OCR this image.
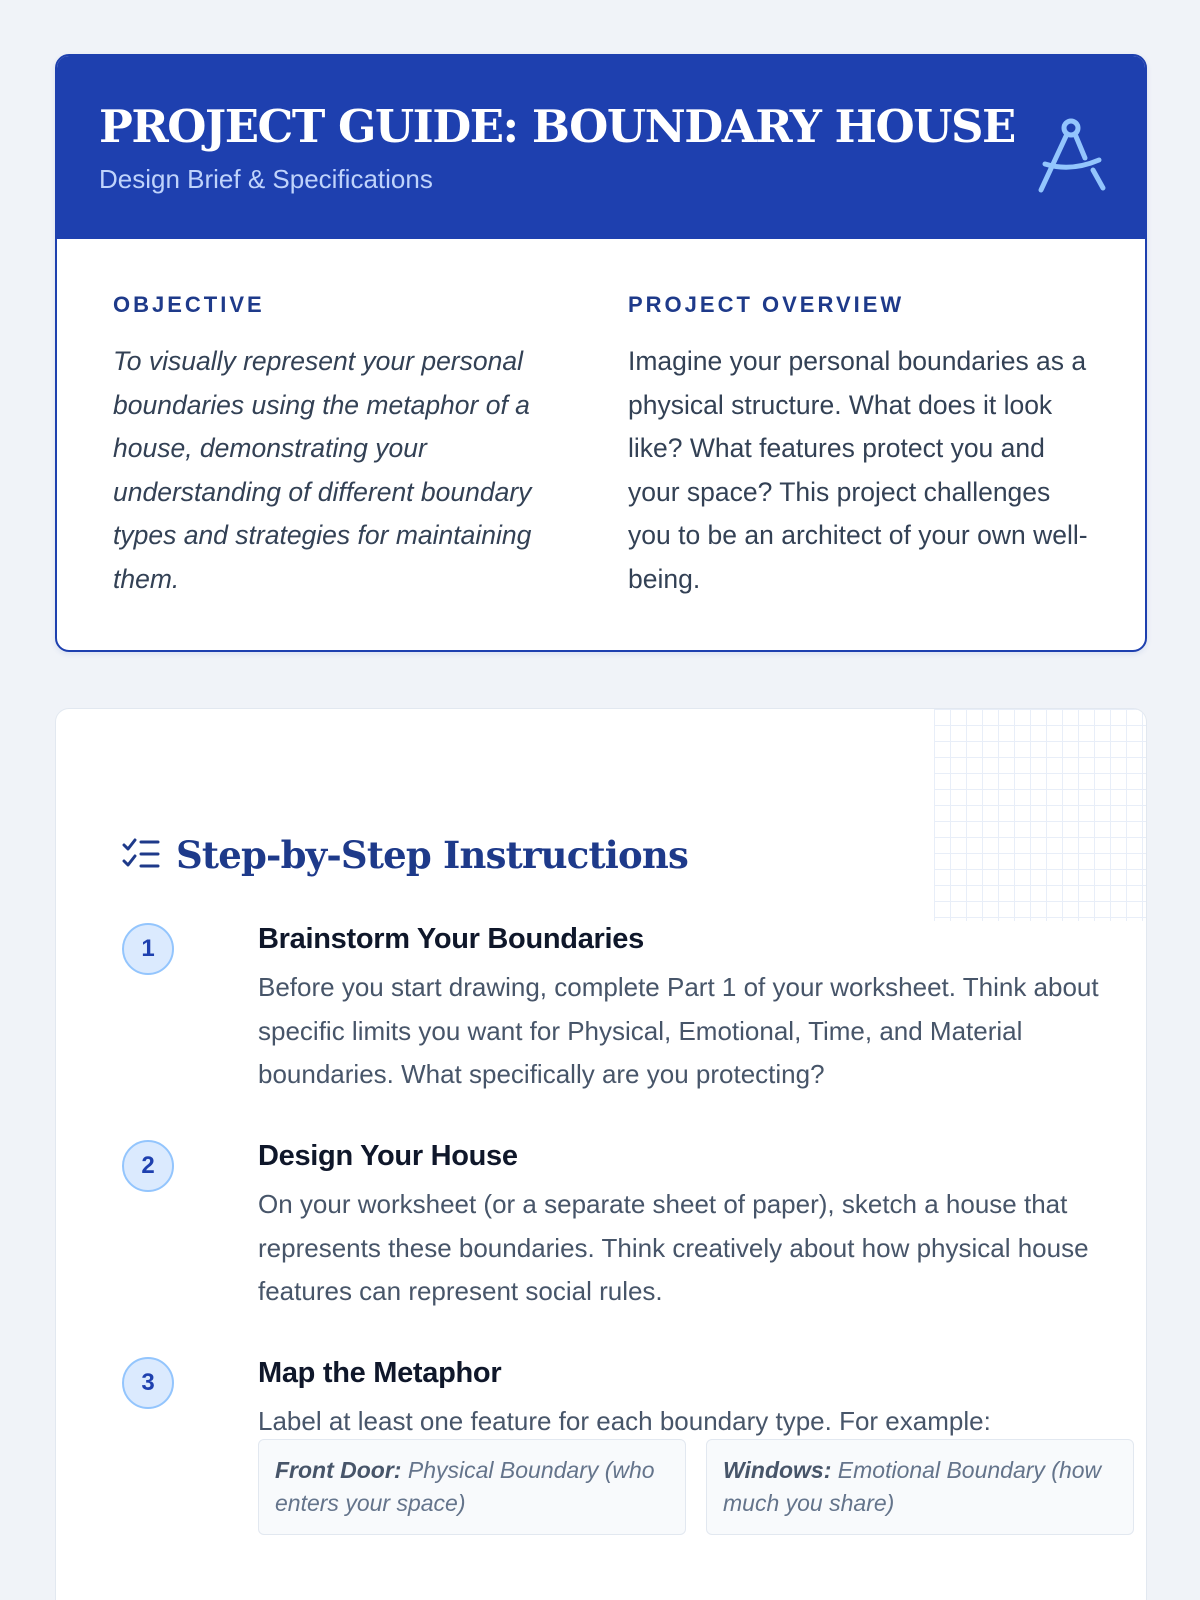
PROJECT GUIDE: BOUNDARY HOUSE
Design Brief & Specifications
OBJECTIVE

To visually represent your personal boundaries using the metaphor of a house, demonstrating your understanding of different boundary types and strategies for maintaining them.

PROJECT OVERVIEW

Imagine your personal boundaries as a physical structure. What does it look like? What features protect you and your space? This project challenges you to be an architect of your own well-being.

Step-by-Step Instructions
1	Brainstorm Your Boundaries

Before you start drawing, complete Part 1 of your worksheet. Think about specific limits you want for Physical, Emotional, Time, and Material boundaries. What specifically are you protecting?

2	Design Your House

On your worksheet (or a separate sheet of paper), sketch a house that represents these boundaries. Think creatively about how physical house features can represent social rules.

3	Map the Metaphor

Label at least one feature for each boundary type. For example:

Front Door: Physical Boundary (who enters your space)
Windows: Emotional Boundary (how much you share)
